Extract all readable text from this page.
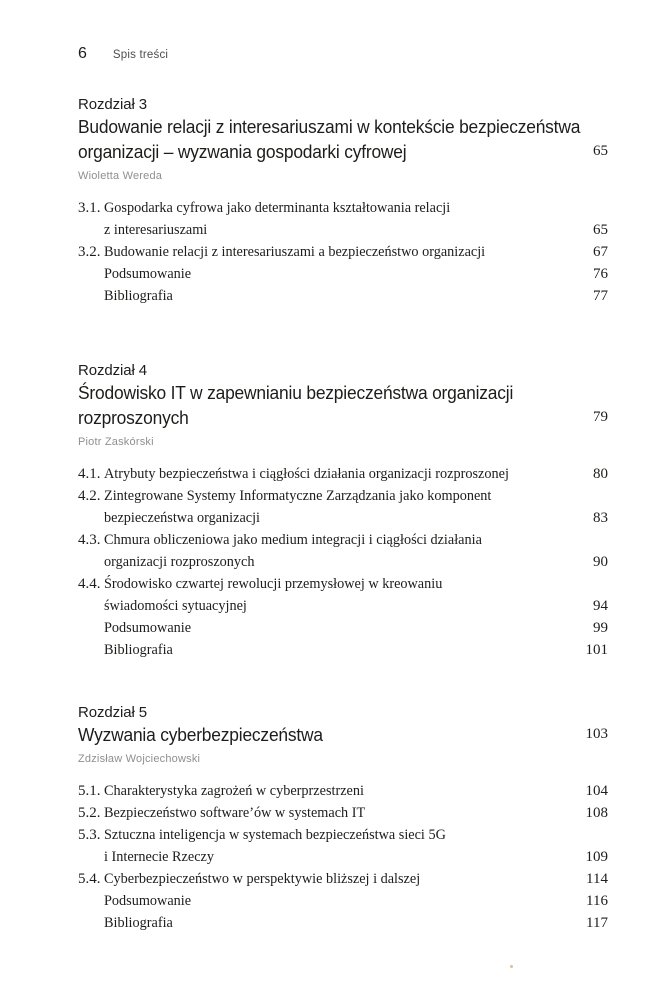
6 Spis treści
Rozdział 3
Budowanie relacji z interesariuszami w kontekście bezpieczeństwa
organizacji – wyzwania gospodarki cyfrowej	65
Wioletta Wereda
3.1. Gospodarka cyfrowa jako determinanta kształtowania relacji
z interesariuszami	65
3.2. Budowanie relacji z interesariuszami a bezpieczeństwo organizacji	67
Podsumowanie	76
Bibliografia	77
Rozdział 4
Środowisko IT w zapewnianiu bezpieczeństwa organizacji
rozproszonych	79
Piotr Zaskórski
4.1. Atrybuty bezpieczeństwa i ciągłości działania organizacji rozproszonej	80
4.2. Zintegrowane Systemy Informatyczne Zarządzania jako komponent
bezpieczeństwa organizacji	83
4.3. Chmura obliczeniowa jako medium integracji i ciągłości działania
organizacji rozproszonych	90
4.4. Środowisko czwartej rewolucji przemysłowej w kreowaniu
świadomości sytuacyjnej	94
Podsumowanie	99
Bibliografia	101
Rozdział 5
Wyzwania cyberbezpieczeństwa	103
Zdzisław Wojciechowski
5.1. Charakterystyka zagrożeń w cyberprzestrzeni	104
5.2. Bezpieczeństwo software’ów w systemach IT	108
5.3. Sztuczna inteligencja w systemach bezpieczeństwa sieci 5G
i Internecie Rzeczy	109
5.4. Cyberbezpieczeństwo w perspektywie bliższej i dalszej	114
Podsumowanie	116
Bibliografia	117
